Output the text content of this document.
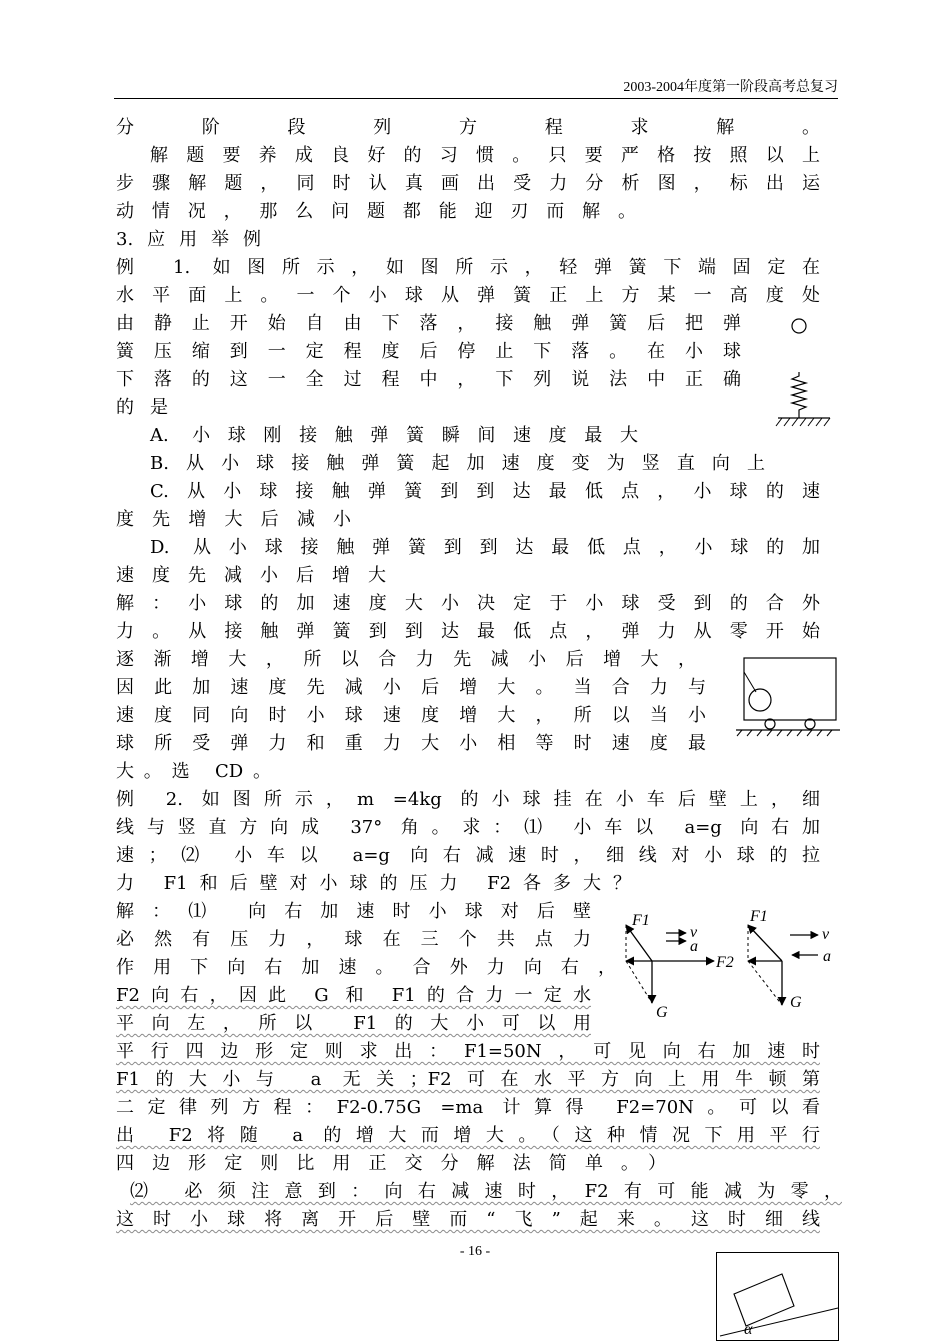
2003-2004年度第一阶段高考总复习
分阶段列方程求解。
解题要养成良好的习惯。只要严格按照以上
步骤解题，同时认真画出受力分析图，标出运
动情况，那么问题都能迎刃而解。
3.应用举例
例 1. 如图所示，如图所示，轻弹簧下端固定在
水平面上。一个小球从弹簧正上方某一高度处
由静止开始自由下落，接触弹簧后把弹
簧压缩到一定程度后停止下落。在小球
下落的这一全过程中，下列说法中正确
的是
A. 小球刚接触弹簧瞬间速度最大
B.从小球接触弹簧起加速度变为竖直向上
C.从小球接触弹簧到到达最低点，小球的速
度先增大后减小
D. 从小球接触弹簧到到达最低点，小球的加
速度先减小后增大
解：小球的加速度大小决定于小球受到的合外
力。从接触弹簧到到达最低点，弹力从零开始
逐渐增大，所以合力先减小后增大，
因此加速度先减小后增大。当合力与
速度同向时小球速度增大，所以当小
球所受弹力和重力大小相等时速度最
大。选 CD。
例 2. 如图所示，m =4kg 的小球挂在小车后壁上，细
线与竖直方向成 37° 角。求：⑴ 小车以 a=g 向右加
速；⑵ 小车以 a=g 向右减速时，细线对小球的拉
力 F1和后壁对小球的压力 F2各多大？
解：⑴ 向右加速时小球对后壁
必然有压力，球在三个共点力
作用下向右加速。合外力向右，
F2向右，因此 G 和 F1的合力一定水
平向左，所以 F1的大小可以用
平行四边形定则求出：F1=50N，可见向右加速时
F1的大小与 a 无关；F2可在水平方向上用牛顿第
二定律列方程：F2-0.75G =ma 计算得 F2=70N。可以看
出 F2将随 a 的增大而增大。（这种情况下用平行
四边形定则比用正交分解法简单。）
⑵ 必须注意到：向右减速时，F2有可能减为零，
这时小球将离开后壁而“飞”起来。这时细线
F1
v
a
F2
G
F1
v
a
G
α
- 16 -
